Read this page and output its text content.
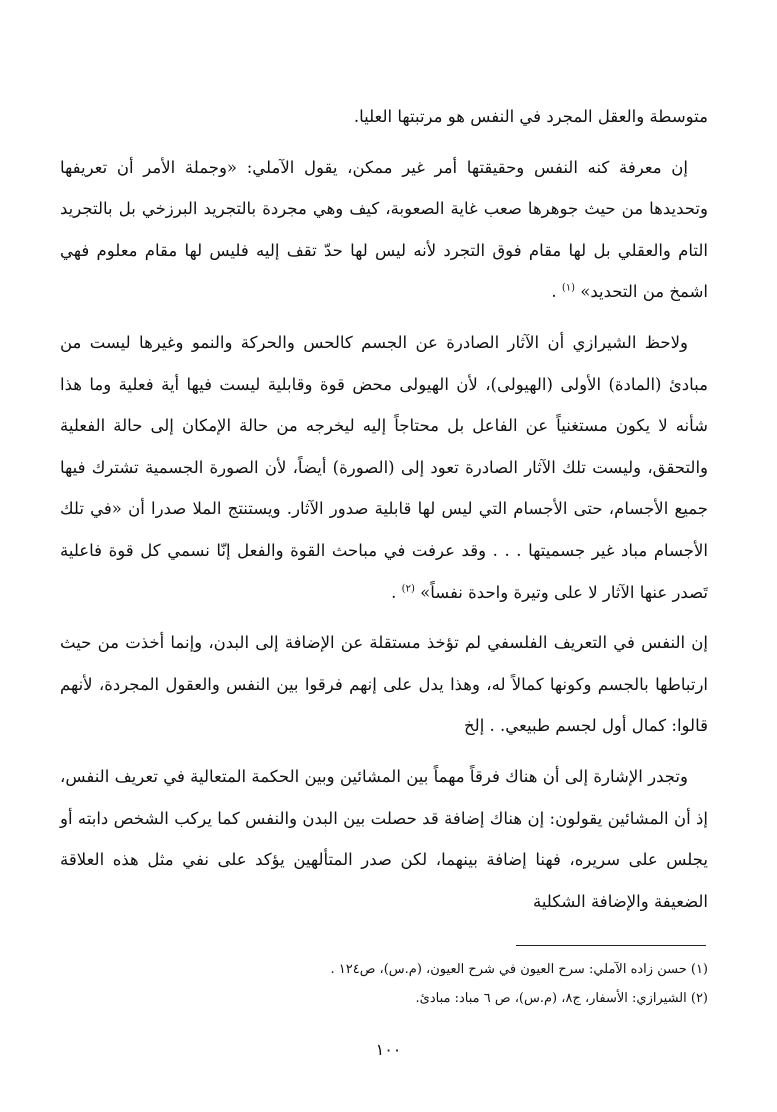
متوسطة والعقل المجرد في النفس هو مرتبتها العليا.

إن معرفة كنه النفس وحقيقتها أمر غير ممكن، يقول الآملي: «وجملة الأمر أن تعريفها وتحديدها من حيث جوهرها صعب غاية الصعوبة، كيف وهي مجردة بالتجريد البرزخي بل بالتجريد التام والعقلي بل لها مقام فوق التجرد لأنه ليس لها حدّ تقف إليه فليس لها مقام معلوم فهي اشمخ من التحديد» $^{(١)}$ .

ولاحظ الشيرازي أن الآثار الصادرة عن الجسم كالحس والحركة والنمو وغيرها ليست من مبادئ (المادة) الأولى (الهيولى)، لأن الهيولى محض قوة وقابلية ليست فيها أية فعلية وما هذا شأنه لا يكون مستغنياً عن الفاعل بل محتاجاً إليه ليخرجه من حالة الإمكان إلى حالة الفعلية والتحقق، وليست تلك الآثار الصادرة تعود إلى (الصورة) أيضاً، لأن الصورة الجسمية تشترك فيها جميع الأجسام، حتى الأجسام التي ليس لها قابلية صدور الآثار. ويستنتج الملا صدرا أن «في تلك الأجسام مباد غير جسميتها . . . وقد عرفت في مباحث القوة والفعل إنّا نسمي كل قوة فاعلية تَصدر عنها الآثار لا على وتيرة واحدة نفساً» $^{(٢)}$ .

إن النفس في التعريف الفلسفي لم تؤخذ مستقلة عن الإضافة إلى البدن، وإنما أخذت من حيث ارتباطها بالجسم وكونها كمالاً له، وهذا يدل على إنهم فرقوا بين النفس والعقول المجردة، لأنهم قالوا: كمال أول لجسم طبيعي. . إلخ

وتجدر الإشارة إلى أن هناك فرقاً مهماً بين المشائين وبين الحكمة المتعالية في تعريف النفس، إذ أن المشائين يقولون: إن هناك إضافة قد حصلت بين البدن والنفس كما يركب الشخص دابته أو يجلس على سريره، فهنا إضافة بينهما، لكن صدر المتألهين يؤكد على نفي مثل هذه العلاقة الضعيفة والإضافة الشكلية

(١) حسن زاده الآملي: سرح العيون في شرح العيون، (م.س)، ص١٢٤ .

(٢) الشيرازي: الأسفار، ج٨، (م.س)، ص ٦ مباد: مبادئ.

١٠٠
